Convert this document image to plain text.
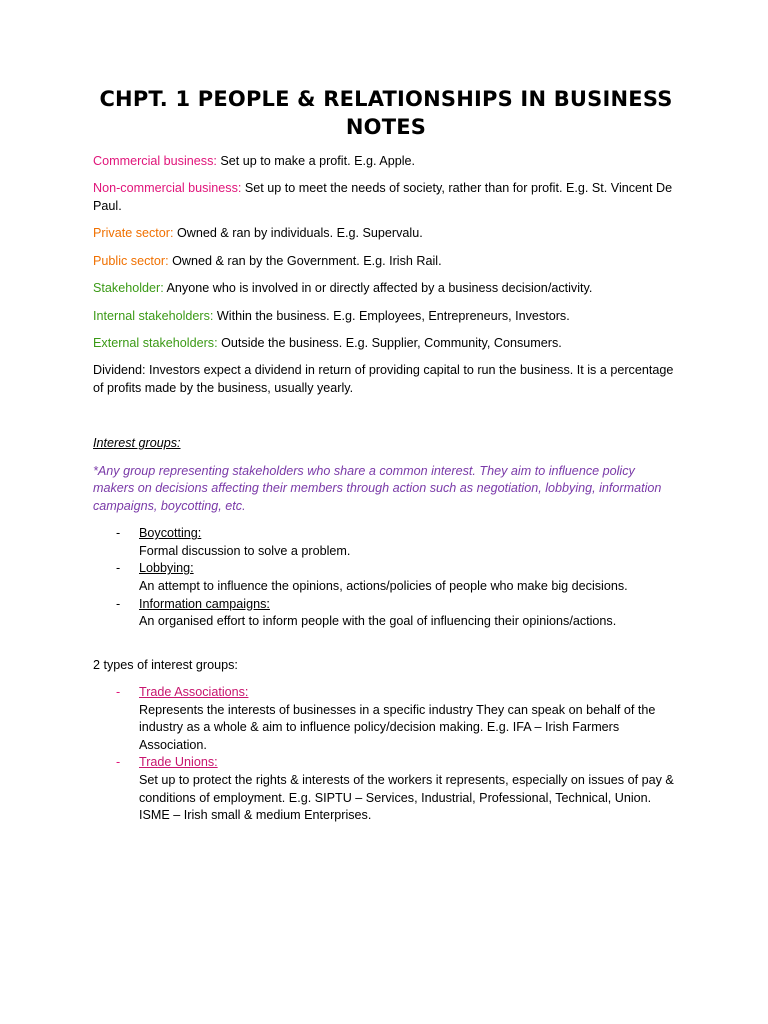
CHPT. 1 PEOPLE & RELATIONSHIPS IN BUSINESS NOTES

Commercial business: Set up to make a profit. E.g. Apple.

Non-commercial business: Set up to meet the needs of society, rather than for profit. E.g. St. Vincent De Paul.

Private sector: Owned & ran by individuals. E.g. Supervalu.

Public sector: Owned & ran by the Government. E.g. Irish Rail.

Stakeholder: Anyone who is involved in or directly affected by a business decision/activity.

Internal stakeholders: Within the business. E.g. Employees, Entrepreneurs, Investors.

External stakeholders: Outside the business. E.g. Supplier, Community, Consumers.

Dividend: Investors expect a dividend in return of providing capital to run the business. It is a percentage of profits made by the business, usually yearly.

Interest groups:

*Any group representing stakeholders who share a common interest. They aim to influence policy makers on decisions affecting their members through action such as negotiation, lobbying, information campaigns, boycotting, etc.

- Boycotting:
Formal discussion to solve a problem.
- Lobbying:
An attempt to influence the opinions, actions/policies of people who make big decisions.
- Information campaigns:
An organised effort to inform people with the goal of influencing their opinions/actions.

2 types of interest groups:

- Trade Associations:
Represents the interests of businesses in a specific industry They can speak on behalf of the industry as a whole & aim to influence policy/decision making. E.g. IFA – Irish Farmers Association.
- Trade Unions:
Set up to protect the rights & interests of the workers it represents, especially on issues of pay & conditions of employment. E.g. SIPTU – Services, Industrial, Professional, Technical, Union.      ISME – Irish small & medium Enterprises.
